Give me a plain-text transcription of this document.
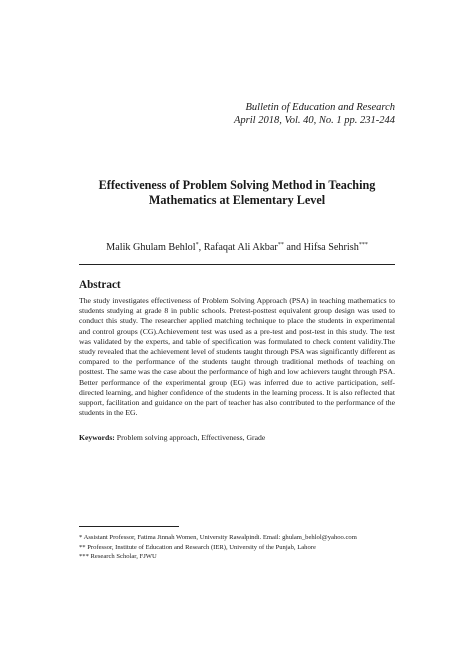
Bulletin of Education and Research
April 2018, Vol. 40, No. 1 pp. 231-244
Effectiveness of Problem Solving Method in Teaching
Mathematics at Elementary Level
Malik Ghulam Behlol*, Rafaqat Ali Akbar** and Hifsa Sehrish***
Abstract
The study investigates effectiveness of Problem Solving Approach (PSA) in teaching mathematics to students studying at grade 8 in public schools. Pretest-posttest equivalent group design was used to conduct this study. The researcher applied matching technique to place the students in experimental and control groups (CG).Achievement test was used as a pre-test and post-test in this study. The test was validated by the experts, and table of specification was formulated to check content validity.The study revealed that the achievement level of students taught through PSA was significantly different as compared to the performance of the students taught through traditional methods of teaching on posttest. The same was the case about the performance of high and low achievers taught through PSA. Better performance of the experimental group (EG) was inferred due to active participation, self-directed learning, and higher confidence of the students in the learning process. It is also reflected that support, facilitation and guidance on the part of teacher has also contributed to the performance of the students in the EG.
Keywords: Problem solving approach, Effectiveness, Grade
* Assistant Professor, Fatima Jinnah Women, University Rawalpindi. Email: ghulam_behlol@yahoo.com
** Professor, Institute of Education and Research (IER), University of the Punjab, Lahore
*** Research Scholar, FJWU
